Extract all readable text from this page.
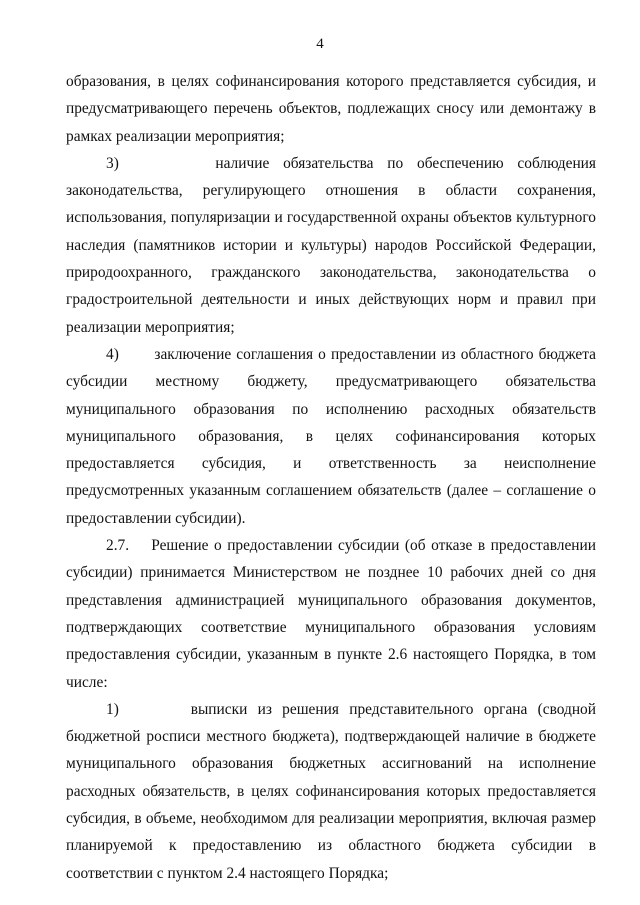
4

образования, в целях софинансирования которого представляется субсидия, и предусматривающего перечень объектов, подлежащих сносу или демонтажу в рамках реализации мероприятия;

3)       наличие обязательства по обеспечению соблюдения законодательства, регулирующего отношения в области сохранения, использования, популяризации и государственной охраны объектов культурного наследия (памятников истории и культуры) народов Российской Федерации, природоохранного, гражданского законодательства, законодательства о градостроительной деятельности и иных действующих норм и правил при реализации мероприятия;

4)       заключение соглашения о предоставлении из областного бюджета субсидии местному бюджету, предусматривающего обязательства муниципального образования по исполнению расходных обязательств муниципального образования, в целях софинансирования которых предоставляется субсидия, и ответственность за неисполнение предусмотренных указанным соглашением обязательств (далее – соглашение о предоставлении субсидии).

2.7.    Решение о предоставлении субсидии (об отказе в предоставлении субсидии) принимается Министерством не позднее 10 рабочих дней со дня представления администрацией муниципального образования документов, подтверждающих соответствие муниципального образования условиям предоставления субсидии, указанным в пункте 2.6 настоящего Порядка, в том числе:

1)       выписки из решения представительного органа (сводной бюджетной росписи местного бюджета), подтверждающей наличие в бюджете муниципального образования бюджетных ассигнований на исполнение расходных обязательств, в целях софинансирования которых предоставляется субсидия, в объеме, необходимом для реализации мероприятия, включая размер планируемой к предоставлению из областного бюджета субсидии в соответствии с пунктом 2.4 настоящего Порядка;
